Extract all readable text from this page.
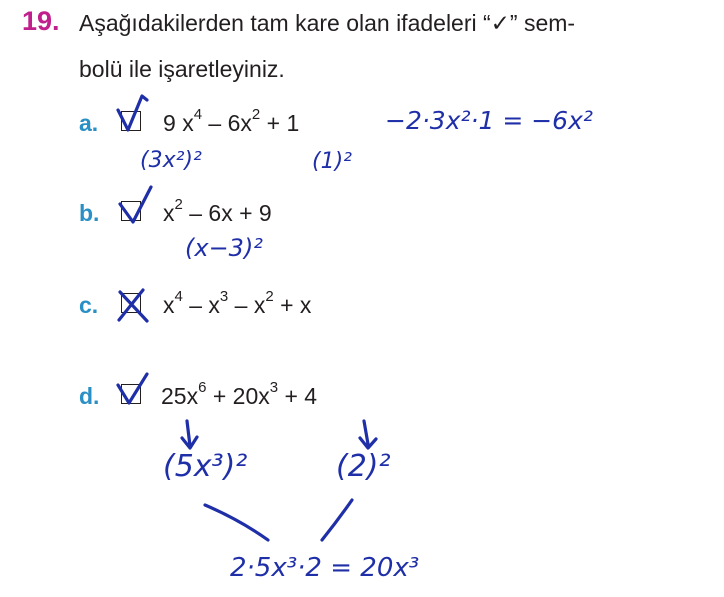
19. Aşağıdakilerden tam kare olan ifadeleri “✓” sem-
bolü ile işaretleyiniz.
a.	9 $x^4 - 6x^2 + 1$
b.	$x^2 - 6x + 9$
c.	$x^4 - x^3 - x^2 + x$
d.	$25x^6 + 20x^3 + 4$
(3x²)²	(1)²
−2·3x²·1 = −6x²
(x−3)²
(5x³)²	(2)²
2·5x³·2 = 20x³
